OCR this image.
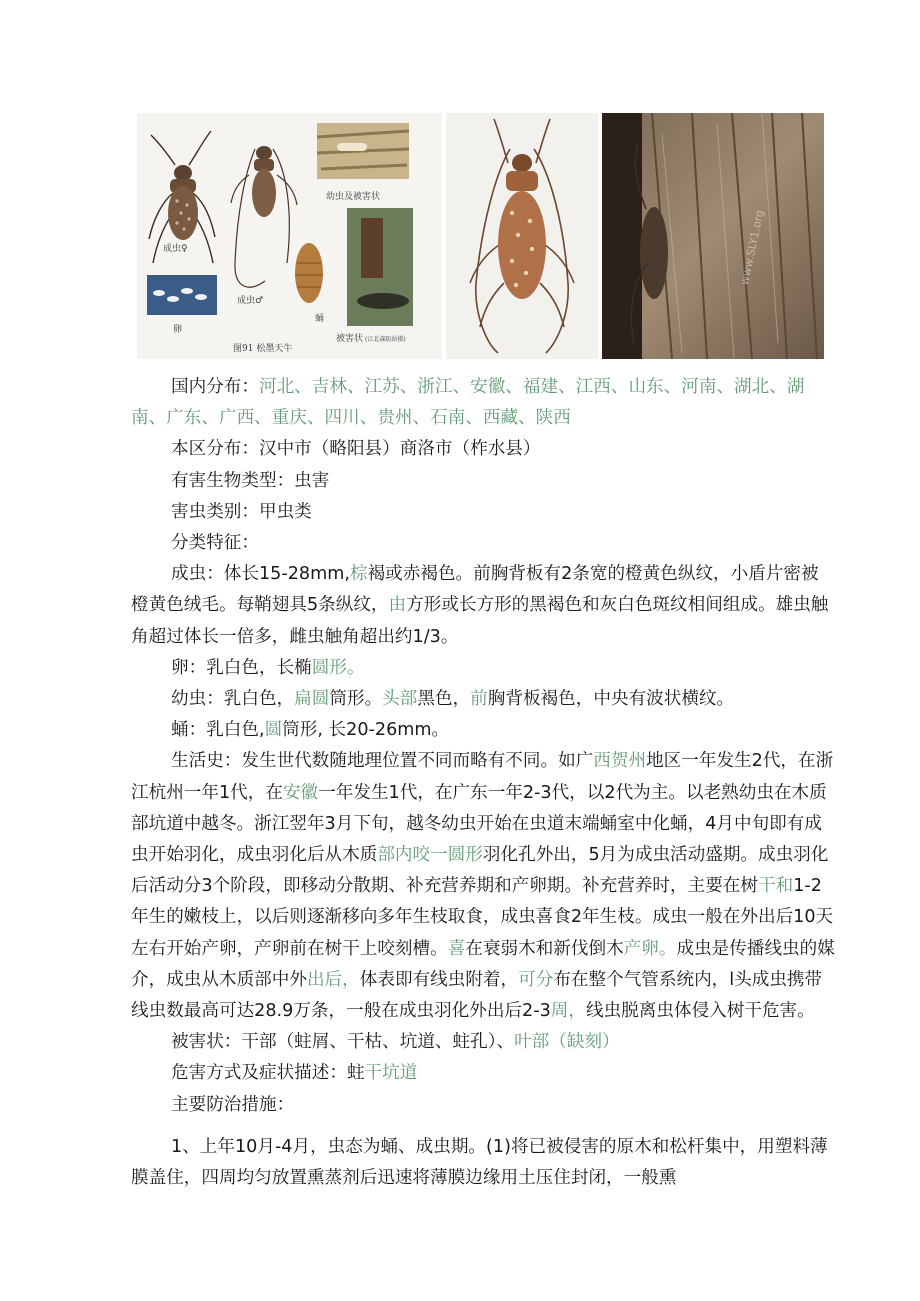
成虫♀
成虫♂
卵
幼虫及被害状
蛹
图91 松墨天牛
被害状 (江北森防站摄)
www.SLY1.org

国内分布：河北、吉林、江苏、浙江、安徽、福建、江西、山东、河南、湖北、湖南、广东、广西、重庆、四川、贵州、石南、西藏、陕西

本区分布：汉中市（略阳县）商洛市（柞水县）

有害生物类型：虫害

害虫类别：甲虫类

分类特征：

成虫：体长15-28mm,棕褐或赤褐色。前胸背板有2条宽的橙黄色纵纹，小盾片密被橙黄色绒毛。每鞘翅具5条纵纹，由方形或长方形的黑褐色和灰白色斑纹相间组成。雄虫触角超过体长一倍多，雌虫触角超出约1/3。

卵：乳白色，长椭圆形。

幼虫：乳白色，扁圆筒形。头部黑色，前胸背板褐色，中央有波状横纹。

蛹：乳白色,圆筒形, 长20-26mm。

生活史：发生世代数随地理位置不同而略有不同。如广西贺州地区一年发生2代，在浙江杭州一年1代，在安徽一年发生1代，在广东一年2-3代，以2代为主。以老熟幼虫在木质部坑道中越冬。浙江翌年3月下旬，越冬幼虫开始在虫道末端蛹室中化蛹，4月中旬即有成虫开始羽化，成虫羽化后从木质部内咬一圆形羽化孔外出，5月为成虫活动盛期。成虫羽化后活动分3个阶段，即移动分散期、补充营养期和产卵期。补充营养时，主要在树干和1-2年生的嫩枝上，以后则逐渐移向多年生枝取食，成虫喜食2年生枝。成虫一般在外出后10天左右开始产卵，产卵前在树干上咬刻槽。喜在衰弱木和新伐倒木产卵。成虫是传播线虫的媒介，成虫从木质部中外出后，体表即有线虫附着，可分布在整个气管系统内，l头成虫携带线虫数最高可达28.9万条，一般在成虫羽化外出后2-3周，线虫脱离虫体侵入树干危害。

被害状：干部（蛀屑、干枯、坑道、蛀孔）、叶部（缺刻）

危害方式及症状描述：蛀干坑道

主要防治措施：

1、上年10月-4月，虫态为蛹、成虫期。(1)将已被侵害的原木和松杆集中，用塑料薄膜盖住，四周均匀放置熏蒸剂后迅速将薄膜边缘用土压住封闭，一般熏
